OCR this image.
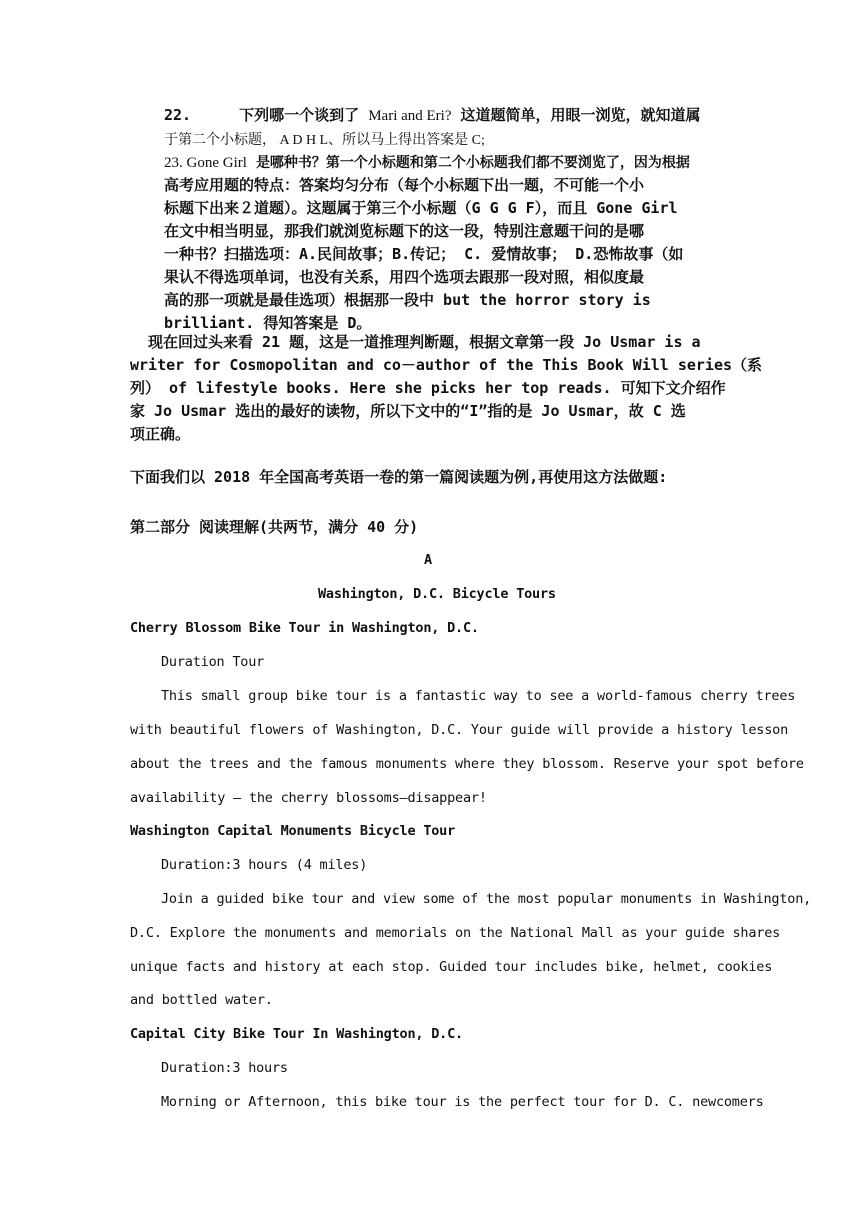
22.	下列哪一个谈到了 Mari and Eri? 这道题简单，用眼一浏览，就知道属
于第二个小标题， A D H L、所以马上得出答案是 C;
23. Gone Girl 是哪种书？第一个小标题和第二个小标题我们都不要浏览了，因为根据
高考应用题的特点：答案均匀分布（每个小标题下出一题，不可能一个小
标题下出来２道题）。这题属于第三个小标题（G G G F），而且 Gone Girl
在文中相当明显，那我们就浏览标题下的这一段，特别注意题干问的是哪
一种书？扫描选项：A.民间故事；B.传记； C. 爱情故事； D.恐怖故事（如
果认不得选项单词，也没有关系，用四个选项去跟那一段对照，相似度最
高的那一项就是最佳选项）根据那一段中 but the horror story is
brilliant. 得知答案是 D。
现在回过头来看 21 题，这是一道推理判断题，根据文章第一段 Jo Usmar is a
writer for Cosmopolitan and co－author of the This Book Will series（系
列） of lifestyle books. Here she picks her top reads. 可知下文介绍作
家 Jo Usmar 选出的最好的读物，所以下文中的“I”指的是 Jo Usmar，故 C 选
项正确。
下面我们以 2018 年全国高考英语一卷的第一篇阅读题为例,再使用这方法做题:
第二部分 阅读理解(共两节，满分 40 分)
A
Washington, D.C. Bicycle Tours
Cherry Blossom Bike Tour in Washington, D.C.
Duration Tour
This small group bike tour is a fantastic way to see a world-famous cherry trees
with beautiful flowers of Washington, D.C. Your guide will provide a history lesson
about the trees and the famous monuments where they blossom. Reserve your spot before
availability — the cherry blossoms—disappear!
Washington Capital Monuments Bicycle Tour
Duration:3 hours (4 miles)
Join a guided bike tour and view some of the most popular monuments in Washington,
D.C. Explore the monuments and memorials on the National Mall as your guide shares
unique facts and history at each stop. Guided tour includes bike, helmet, cookies
and bottled water.
Capital City Bike Tour In Washington, D.C.
Duration:3 hours
Morning or Afternoon, this bike tour is the perfect tour for D. C. newcomers
